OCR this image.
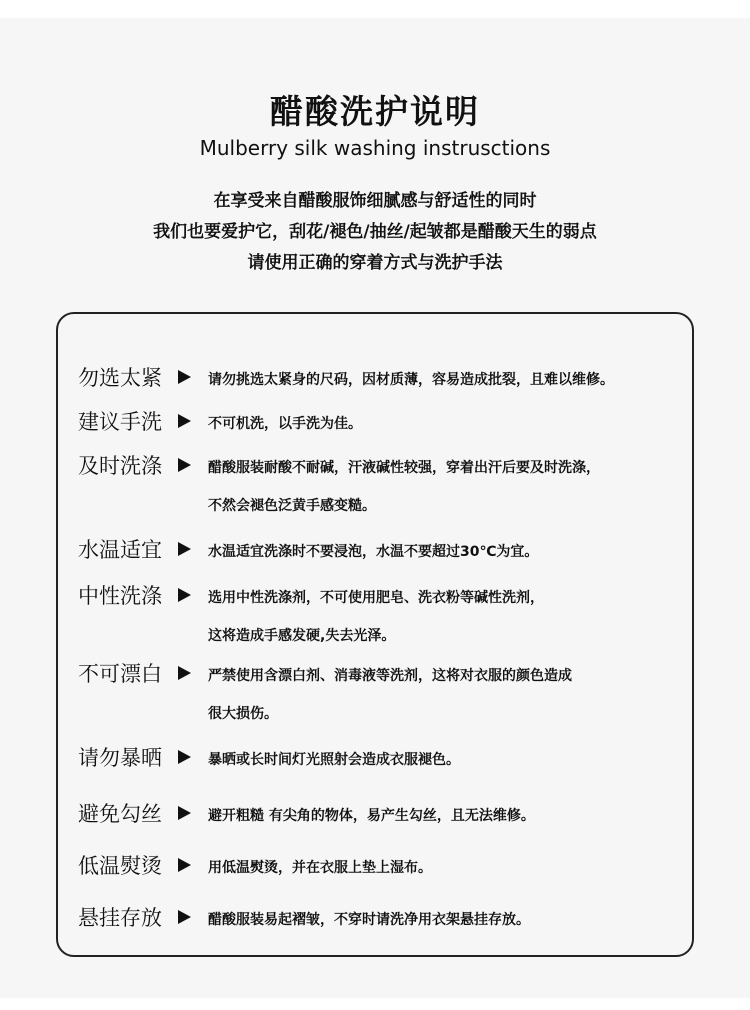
醋酸洗护说明
Mulberry silk washing instrusctions
在享受来自醋酸服饰细腻感与舒适性的同时
我们也要爱护它，刮花/褪色/抽丝/起皱都是醋酸天生的弱点
请使用正确的穿着方式与洗护手法
勿选太紧	请勿挑选太紧身的尺码，因材质薄，容易造成批裂，且难以维修。
建议手洗	不可机洗，以手洗为佳。
及时洗涤	醋酸服装耐酸不耐碱，汗液碱性较强，穿着出汗后要及时洗涤，
不然会褪色泛黄手感变糙。
水温适宜	水温适宜洗涤时不要浸泡，水温不要超过30℃为宜。
中性洗涤	选用中性洗涤剂，不可使用肥皂、洗衣粉等碱性洗剂，
这将造成手感发硬,失去光泽。
不可漂白	严禁使用含漂白剂、消毒液等洗剂，这将对衣服的颜色造成
很大损伤。
请勿暴晒	暴晒或长时间灯光照射会造成衣服褪色。
避免勾丝	避开粗糙 有尖角的物体，易产生勾丝，且无法维修。
低温熨烫	用低温熨烫，并在衣服上垫上湿布。
悬挂存放	醋酸服装易起褶皱，不穿时请洗净用衣架悬挂存放。
